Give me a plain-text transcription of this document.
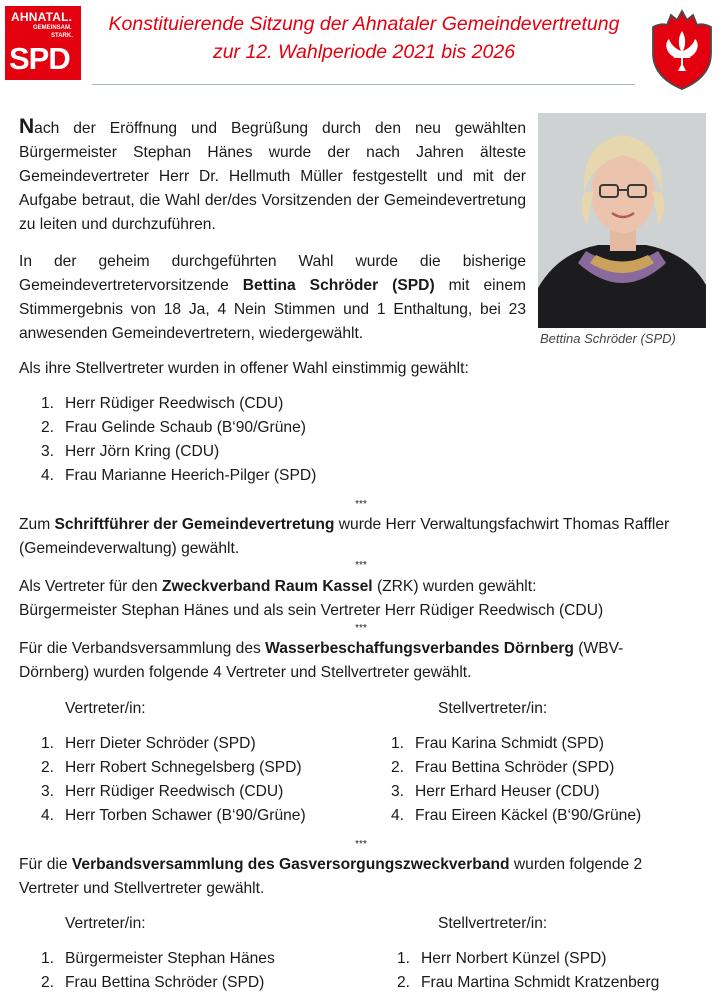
AHNATAL.
GEMEINSAM.
STARK.
SPD
Konstituierende Sitzung der Ahnataler Gemeindevertretung
zur 12. Wahlperiode 2021 bis 2026
Bettina Schröder (SPD)

Nach der Eröffnung und Begrüßung durch den neu gewählten Bürgermeister Stephan Hänes wurde der nach Jahren älteste Gemeindevertreter Herr Dr. Hellmuth Müller festgestellt und mit der Aufgabe betraut, die Wahl der/des Vorsitzenden der Gemeindevertretung zu leiten und durchzuführen.

In der geheim durchgeführten Wahl wurde die bisherige Gemeindevertretervorsitzende Bettina Schröder (SPD) mit einem Stimmergebnis von 18 Ja, 4 Nein Stimmen und 1 Enthaltung, bei 23 anwesenden Gemeindevertretern, wiedergewählt.

Als ihre Stellvertreter wurden in offener Wahl einstimmig gewählt:

1. Herr Rüdiger Reedwisch (CDU)
2. Frau Gelinde Schaub (B‘90/Grüne)
3. Herr Jörn Kring (CDU)
4. Frau Marianne Heerich-Pilger (SPD)
***

Zum Schriftführer der Gemeindevertretung wurde Herr Verwaltungsfachwirt Thomas Raffler (Gemeindeverwaltung) gewählt.

***

Als Vertreter für den Zweckverband Raum Kassel (ZRK) wurden gewählt:
Bürgermeister Stephan Hänes und als sein Vertreter Herr Rüdiger Reedwisch (CDU)

***

Für die Verbandsversammlung des Wasserbeschaffungsverbandes Dörnberg (WBV-Dörnberg) wurden folgende 4 Vertreter und Stellvertreter gewählt.

Vertreter/in:	Stellvertreter/in:
1. Herr Dieter Schröder (SPD)
2. Herr Robert Schnegelsberg (SPD)
3. Herr Rüdiger Reedwisch (CDU)
4. Herr Torben Schawer (B‘90/Grüne)
1. Frau Karina Schmidt (SPD)
2. Frau Bettina Schröder (SPD)
3. Herr Erhard Heuser (CDU)
4. Frau Eireen Käckel (B‘90/Grüne)
***

Für die Verbandsversammlung des Gasversorgungszweckverband wurden folgende 2 Vertreter und Stellvertreter gewählt.

Vertreter/in:	Stellvertreter/in:
1. Bürgermeister Stephan Hänes
2. Frau Bettina Schröder (SPD)
1. Herr Norbert Künzel (SPD)
2. Frau Martina Schmidt Kratzenberg
